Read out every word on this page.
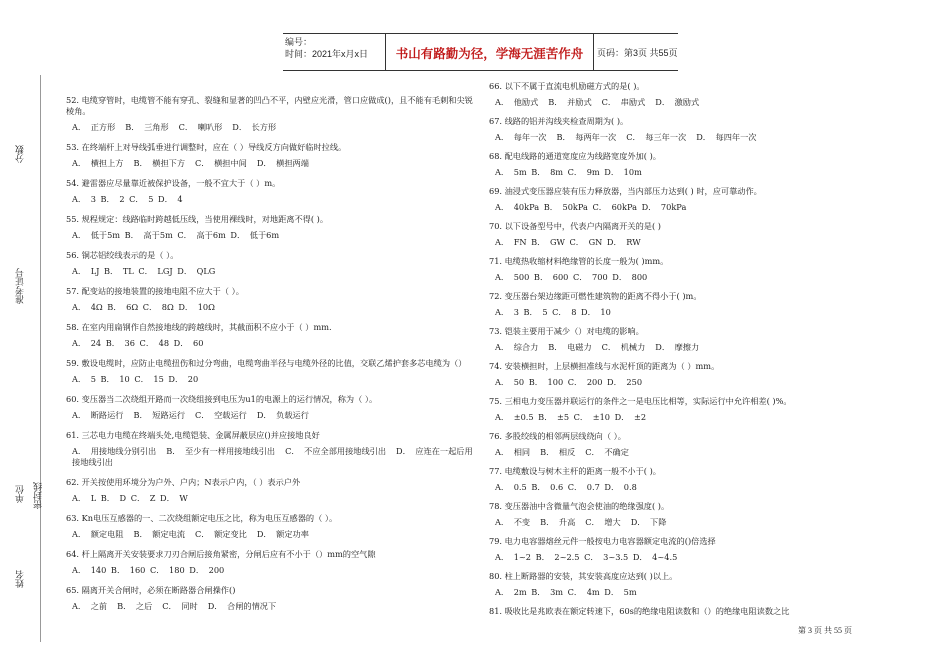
编号：
时间：2021年x月x日	书山有路勤为径，学海无涯苦作舟	页码：第3页 共55页
分数
准考证号
单位 密封线
姓名

52. 电缆穿管时，电缆管不能有穿孔、裂缝和显著的凹凸不平，内壁应光滑，管口应做成()，且不能有毛刺和尖锐棱角。

A． 正方形 B． 三角形 C． 喇叭形 D． 长方形

53. 在终端杆上对导线弧垂进行调整时，应在（ ）导线反方向做好临时拉线。

A． 横担上方 B． 横担下方 C． 横担中间 D． 横担两端

54. 避雷器应尽量靠近被保护设备，一般不宜大于（ ）m。

A． 3 B． 2 C． 5 D． 4

55. 规程规定：线路临时跨越低压线，当使用裸线时，对地距离不得( )。

A． 低于5m B． 高于5m C． 高于6m D． 低于6m

56. 铜芯铝绞线表示的是（ ）。

A． LJ B． TL C． LGJ D． QLG

57. 配变站的接地装置的接地电阻不应大于（ ）。

A． 4Ω B． 6Ω C． 8Ω D． 10Ω

58. 在室内用扁钢作自然接地线的跨越线时，其截面积不应小于（ ）mm.

A． 24 B． 36 C． 48 D． 60

59. 敷设电缆时，应防止电缆扭伤和过分弯曲，电缆弯曲半径与电缆外径的比值，交联乙烯护套多芯电缆为（）

A． 5 B． 10 C． 15 D． 20

60. 变压器当二次绕组开路而一次绕组接到电压为u1的电源上的运行情况，称为（ ）。

A． 断路运行 B． 短路运行 C． 空载运行 D． 负载运行

61. 三芯电力电缆在终端头处,电缆铠装、金属屏蔽层应()并应接地良好

A． 用接地线分别引出 B． 至少有一样用接地线引出 C． 不应全部用接地线引出 D． 应连在一起后用接地线引出

62. 开关按使用环境分为户外、户内；N表示户内，（ ）表示户外

A． L B． D C． Z D． W

63. Kn电压互感器的一、二次绕组额定电压之比，称为电压互感器的（ ）。

A． 额定电阻 B． 额定电流 C． 额定变比 D． 额定功率

64. 杆上隔离开关安装要求刀刃合闸后接角紧密，分闸后应有不小于（）mm的空气隙

A． 140 B． 160 C． 180 D． 200

65. 隔离开关合闸时，必须在断路器合闸操作()

A． 之前 B． 之后 C． 同时 D． 合闸的情况下

66. 以下不属于直流电机励磁方式的是( )。

A． 他励式 B． 并励式 C． 串励式 D． 激励式

67. 线路的铝并沟线夹检查周期为( )。

A． 每年一次 B． 每两年一次 C． 每三年一次 D． 每四年一次

68. 配电线路的通道宽度应为线路宽度外加( )。

A． 5m B． 8m C． 9m D． 10m

69. 油浸式变压器应装有压力释放器，当内部压力达到( ) 时，应可靠动作。

A． 40kPa B． 50kPa C． 60kPa D． 70kPa

70. 以下设备型号中，代表户内隔离开关的是( )

A． FN B． GW C． GN D． RW

71. 电缆热收缩材料绝缘管的长度一般为( )mm。

A． 500 B． 600 C． 700 D． 800

72. 变压器台架边缘距可燃性建筑物的距离不得小于( )m。

A． 3 B． 5 C． 8 D． 10

73. 铠装主要用于减少（）对电缆的影响。

A． 综合力 B． 电磁力 C． 机械力 D． 摩擦力

74. 安装横担时，上层横担准线与水泥杆顶的距离为（ ）mm。

A． 50 B． 100 C． 200 D． 250

75. 三相电力变压器并联运行的条件之一是电压比相等，实际运行中允许相差( )%。

A． ±0.5 B． ±5 C． ±10 D． ±2

76. 多股绞线的相邻两层线绕向（ ）。

A． 相同 B． 相反 C． 不确定

77. 电缆敷设与树木主杆的距离一般不小于( )。

A． 0.5 B． 0.6 C． 0.7 D． 0.8

78. 变压器油中含微量气泡会使油的绝缘强度( )。

A． 不变 B． 升高 C． 增大 D． 下降

79. 电力电容器熔丝元件一般按电力电容器额定电流的()倍选择

A． 1~2 B． 2~2.5 C． 3~3.5 D． 4~4.5

80. 柱上断路器的安装，其安装高度应达到( )以上。

A． 2m B． 3m C． 4m D． 5m

81. 吸收比是兆欧表在额定转速下，60s的绝缘电阻读数和（）的绝缘电阻读数之比

第 3 页 共 55 页
